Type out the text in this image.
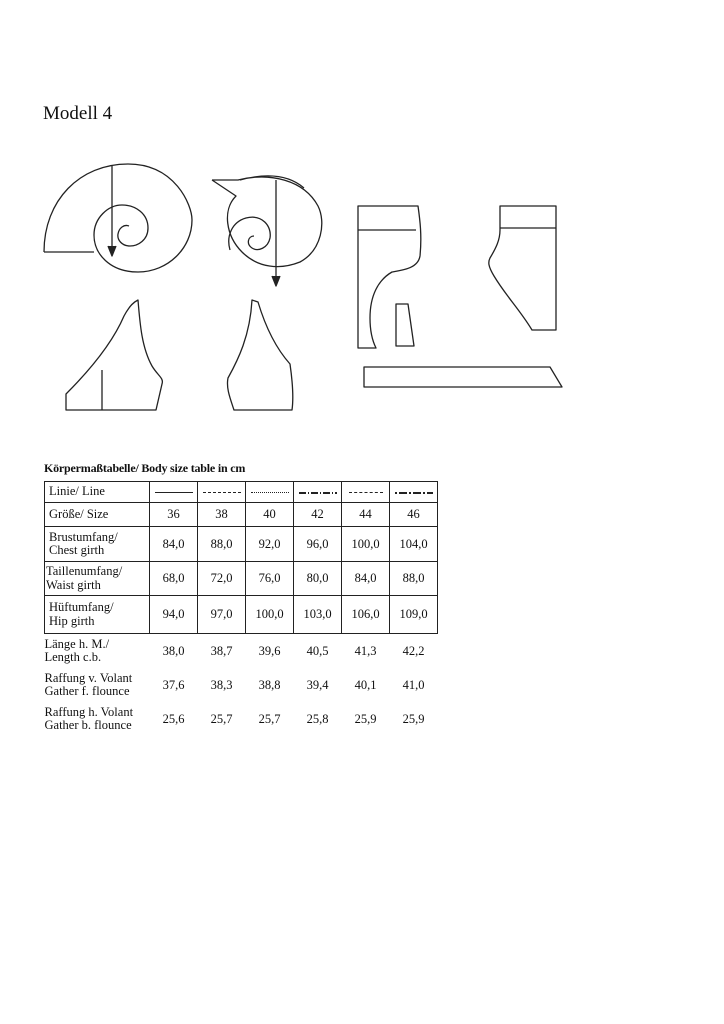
Modell 4
Körpermaßtabelle/ Body size table in cm
Linie/ Line						
Größe/ Size	36	38	40	42	44	46
Brustumfang/
Chest girth	84,0	88,0	92,0	96,0	100,0	104,0
Taillenumfang/
Waist girth	68,0	72,0	76,0	80,0	84,0	88,0
Hüftumfang/
Hip girth	94,0	97,0	100,0	103,0	106,0	109,0
Länge h. M./
Length c.b.	38,0	38,7	39,6	40,5	41,3	42,2
Raffung v. Volant
Gather f. flounce	37,6	38,3	38,8	39,4	40,1	41,0
Raffung h. Volant
Gather b. flounce	25,6	25,7	25,7	25,8	25,9	25,9
